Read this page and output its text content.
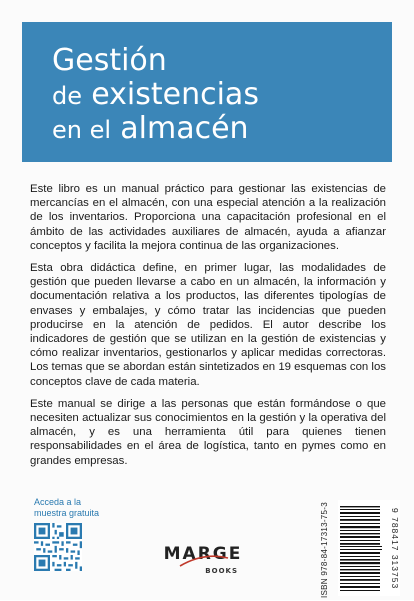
Gestión
de existencias
en el almacén

Este libro es un manual práctico para gestionar las existencias de mercancías en el almacén, con una especial atención a la realización de los inventarios. Proporciona una capacitación profesional en el ámbito de las actividades auxiliares de almacén, ayuda a afianzar conceptos y facilita la mejora continua de las organizaciones.

Esta obra didáctica define, en primer lugar, las modalidades de gestión que pueden llevarse a cabo en un almacén, la información y documentación relativa a los productos, las diferentes tipologías de envases y embalajes, y cómo tratar las incidencias que pueden producirse en la atención de pedidos. El autor describe los indicadores de gestión que se utilizan en la gestión de existencias y cómo realizar inventarios, gestionarlos y aplicar medidas correctoras. Los temas que se abordan están sintetizados en 19 esquemas con los conceptos clave de cada materia.

Este manual se dirige a las personas que están formándose o que necesiten actualizar sus conocimientos en la gestión y la operativa del almacén, y es una herramienta útil para quienes tienen responsabilidades en el área de logística, tanto en pymes como en grandes empresas.

Acceda a la
muestra gratuita
MARGE
BOOKS	ISBN 978-84-17313-75-3	9 788417 313753
